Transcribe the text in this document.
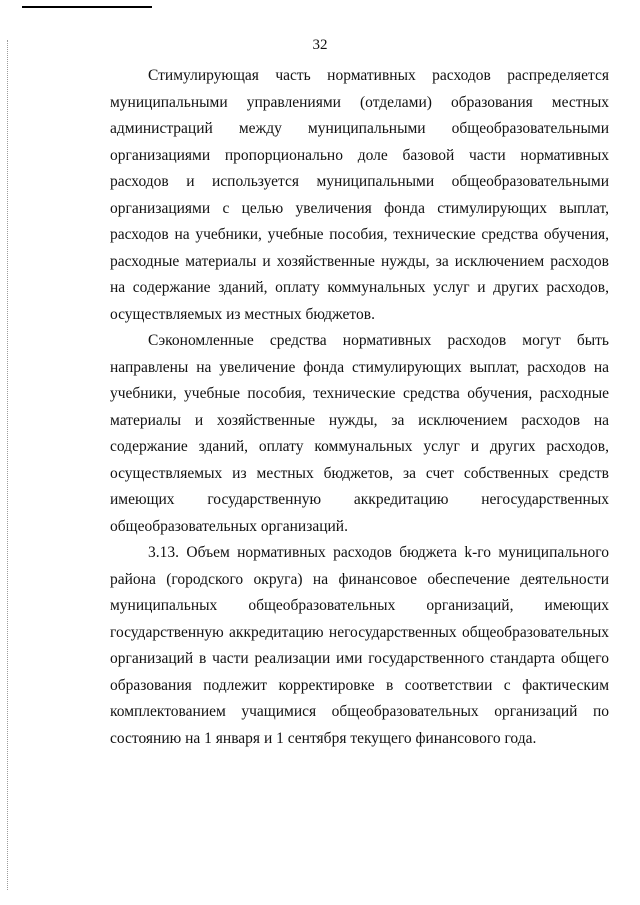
32

Стимулирующая часть нормативных расходов распределяется муниципальными управлениями (отделами) образования местных администраций между муниципальными общеобразовательными организациями пропорционально доле базовой части нормативных расходов и используется муниципальными общеобразовательными организациями с целью увеличения фонда стимулирующих выплат, расходов на учебники, учебные пособия, технические средства обучения, расходные материалы и хозяйственные нужды, за исключением расходов на содержание зданий, оплату коммунальных услуг и других расходов, осуществляемых из местных бюджетов.

Сэкономленные средства нормативных расходов могут быть направлены на увеличение фонда стимулирующих выплат, расходов на учебники, учебные пособия, технические средства обучения, расходные материалы и хозяйственные нужды, за исключением расходов на содержание зданий, оплату коммунальных услуг и других расходов, осуществляемых из местных бюджетов, за счет собственных средств имеющих государственную аккредитацию негосударственных общеобразовательных организаций.

3.13. Объем нормативных расходов бюджета k-го муниципального района (городского округа) на финансовое обеспечение деятельности муниципальных общеобразовательных организаций, имеющих государственную аккредитацию негосударственных общеобразовательных организаций в части реализации ими государственного стандарта общего образования подлежит корректировке в соответствии с фактическим комплектованием учащимися общеобразовательных организаций по состоянию на 1 января и 1 сентября текущего финансового года.
